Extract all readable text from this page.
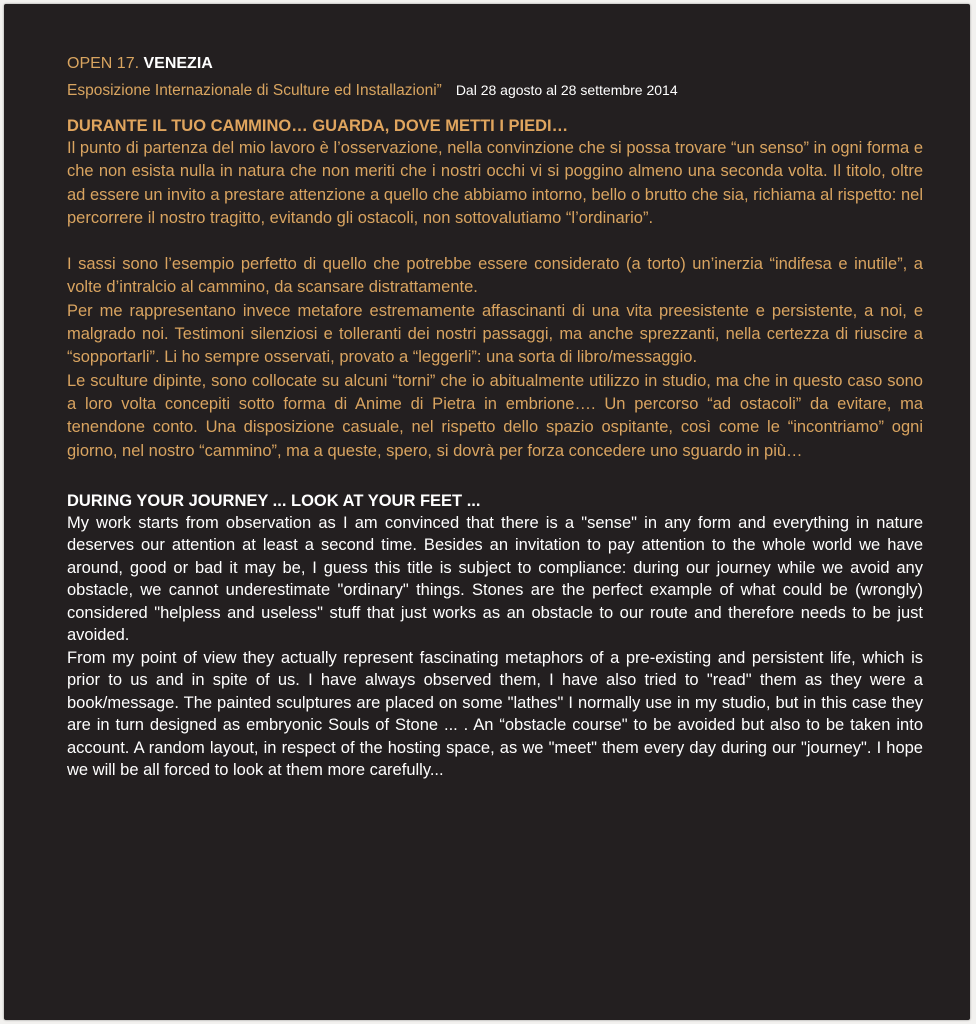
OPEN 17. VENEZIA

Esposizione Internazionale di Sculture ed Installazioni” Dal 28 agosto al 28 settembre 2014

DURANTE IL TUO CAMMINO… GUARDA, DOVE METTI I PIEDI…

Il punto di partenza del mio lavoro è l’osservazione, nella convinzione che si possa trovare “un senso” in ogni forma e che non esista nulla in natura che non meriti che i nostri occhi vi si poggino almeno una seconda volta. Il titolo, oltre ad essere un invito a prestare attenzione a quello che abbiamo intorno, bello o brutto che sia, richiama al rispetto: nel percorrere il nostro tragitto, evitando gli ostacoli, non sottovalutiamo “l’ordinario”.

I sassi sono l’esempio perfetto di quello che potrebbe essere considerato (a torto) un’inerzia “indifesa e inutile”, a volte d’intralcio al cammino, da scansare distrattamente.
Per me rappresentano invece metafore estremamente affascinanti di una vita preesistente e persistente, a noi, e malgrado noi. Testimoni silenziosi e tolleranti dei nostri passaggi, ma anche sprezzanti, nella certezza di riuscire a “sopportarli”. Li ho sempre osservati, provato a “leggerli”: una sorta di libro/messaggio.
Le sculture dipinte, sono collocate su alcuni “torni” che io abitualmente utilizzo in studio, ma che in questo caso sono a loro volta concepiti sotto forma di Anime di Pietra in embrione…. Un percorso “ad ostacoli” da evitare, ma tenendone conto. Una disposizione casuale, nel rispetto dello spazio ospitante, così come le “incontriamo” ogni giorno, nel nostro “cammino”, ma a queste, spero, si dovrà per forza concedere uno sguardo in più…

DURING YOUR JOURNEY ... LOOK AT YOUR FEET ...

My work starts from observation as I am convinced that there is a "sense" in any form and everything in nature deserves our attention at least a second time. Besides an invitation to pay attention to the whole world we have around, good or bad it may be, I guess this title is subject to compliance: during our journey while we avoid any obstacle, we cannot underestimate "ordinary" things. Stones are the perfect example of what could be (wrongly) considered "helpless and useless" stuff that just works as an obstacle to our route and therefore needs to be just avoided.
From my point of view they actually represent fascinating metaphors of a pre-existing and persistent life, which is prior to us and in spite of us. I have always observed them, I have also tried to "read" them as they were a book/message. The painted sculptures are placed on some "lathes" I normally use in my studio, but in this case they are in turn designed as embryonic Souls of Stone ... . An “obstacle course" to be avoided but also to be taken into account. A random layout, in respect of the hosting space, as we "meet" them every day during our "journey". I hope we will be all forced to look at them more carefully...
